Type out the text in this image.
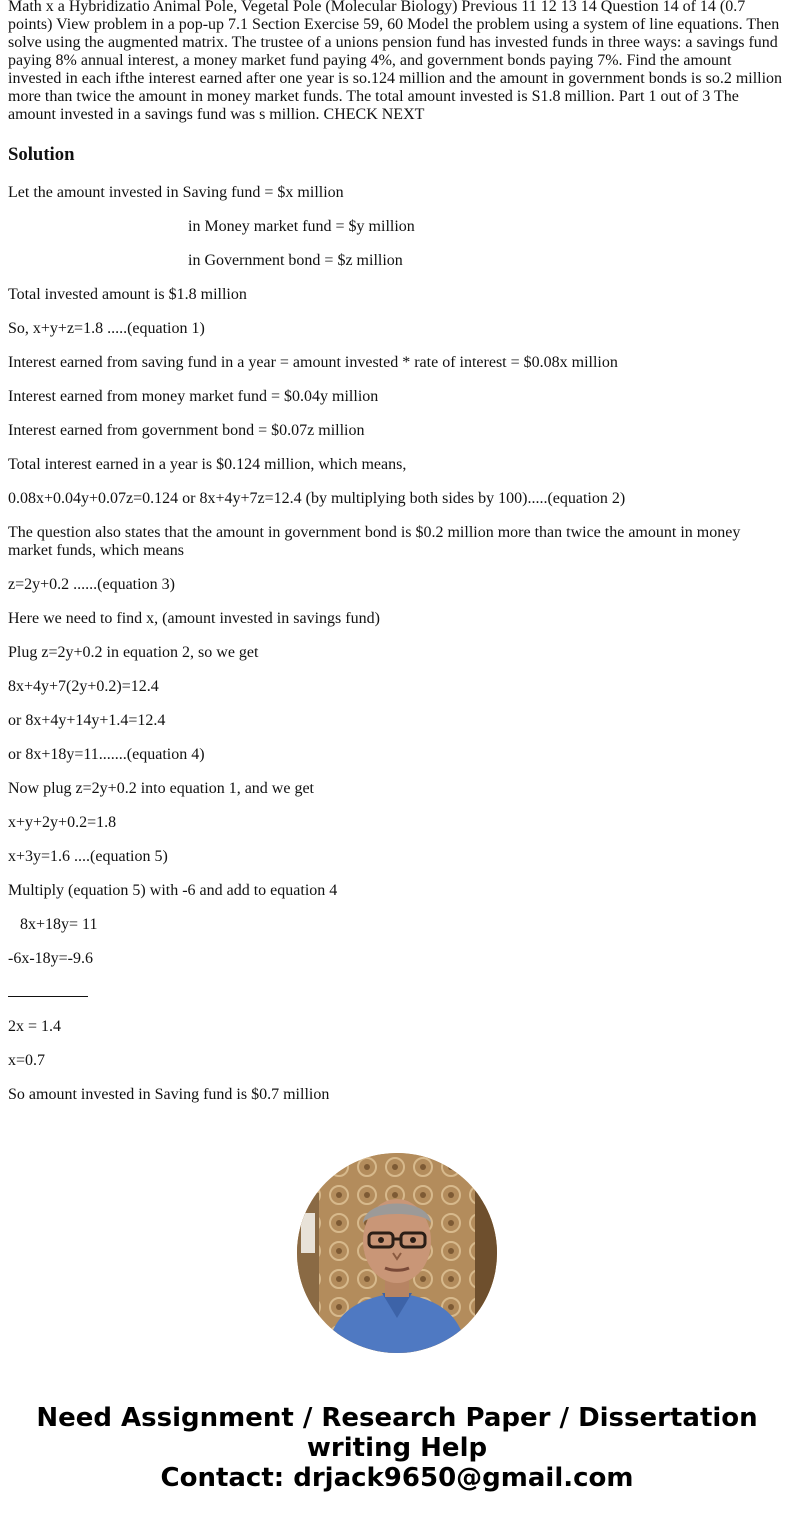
Math x a Hybridizatio Animal Pole, Vegetal Pole (Molecular Biology) Previous 11 12 13 14 Question 14 of 14 (0.7 points) View problem in a pop-up 7.1 Section Exercise 59, 60 Model the problem using a system of line equations. Then solve using the augmented matrix. The trustee of a unions pension fund has invested funds in three ways: a savings fund paying 8% annual interest, a money market fund paying 4%, and government bonds paying 7%. Find the amount invested in each ifthe interest earned after one year is so.124 million and the amount in government bonds is so.2 million more than twice the amount in money market funds. The total amount invested is S1.8 million. Part 1 out of 3 The amount invested in a savings fund was s million. CHECK NEXT

Solution

Let the amount invested in Saving fund = $x million

in Money market fund = $y million

in Government bond = $z million

Total invested amount is $1.8 million

So, x+y+z=1.8 .....(equation 1)

Interest earned from saving fund in a year = amount invested * rate of interest = $0.08x million

Interest earned from money market fund = $0.04y million

Interest earned from government bond = $0.07z million

Total interest earned in a year is $0.124 million, which means,

0.08x+0.04y+0.07z=0.124 or 8x+4y+7z=12.4 (by multiplying both sides by 100).....(equation 2)

The question also states that the amount in government bond is $0.2 million more than twice the amount in money market funds, which means

z=2y+0.2 ......(equation 3)

Here we need to find x, (amount invested in savings fund)

Plug z=2y+0.2 in equation 2, so we get

8x+4y+7(2y+0.2)=12.4

or 8x+4y+14y+1.4=12.4

or 8x+18y=11.......(equation 4)

Now plug z=2y+0.2 into equation 1, and we get

x+y+2y+0.2=1.8

x+3y=1.6 ....(equation 5)

Multiply (equation 5) with -6 and add to equation 4

8x+18y= 11

-6x-18y=-9.6

2x = 1.4

x=0.7

So amount invested in Saving fund is $0.7 million

Need Assignment / Research Paper / Dissertation
writing Help
Contact: drjack9650@gmail.com
